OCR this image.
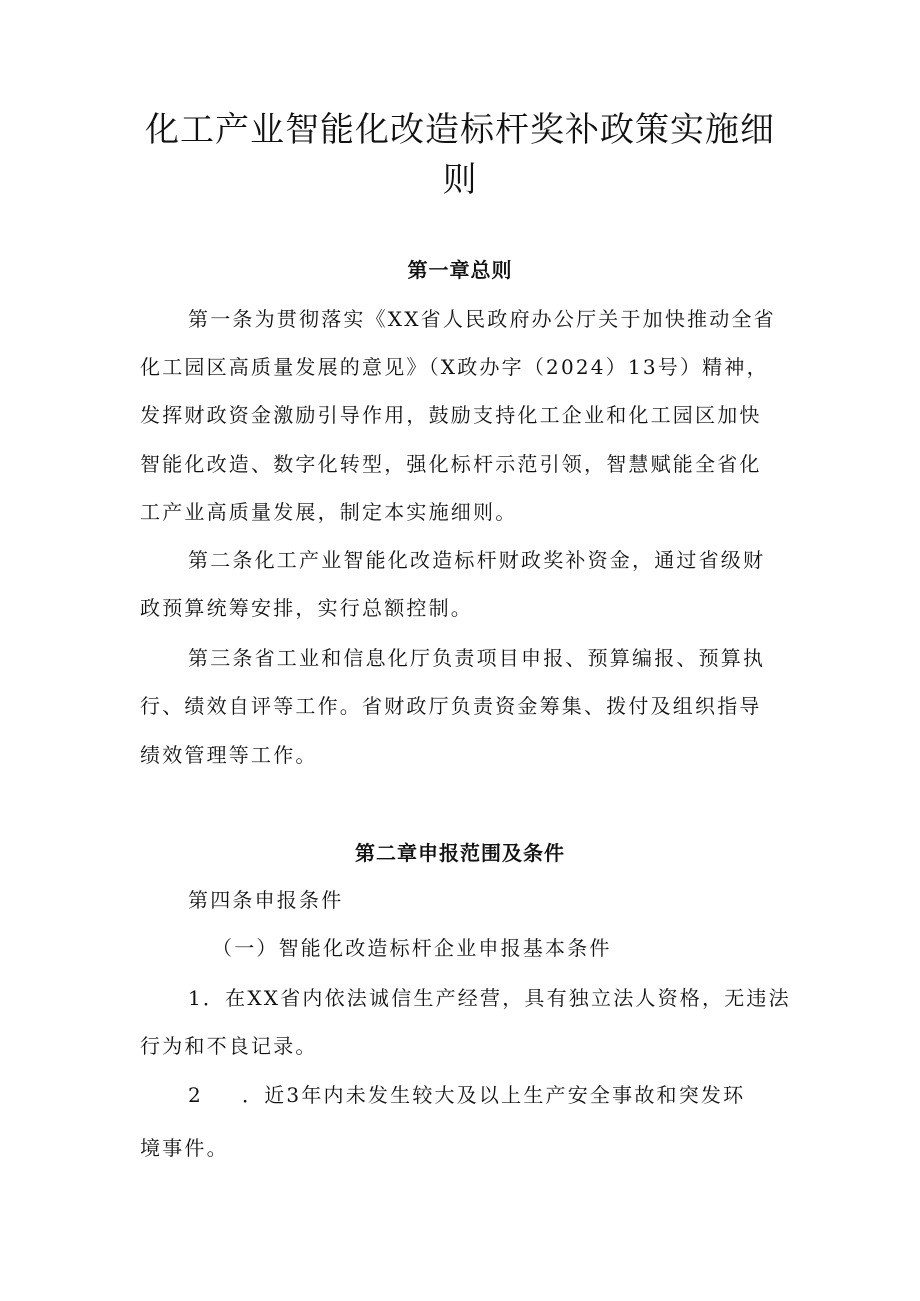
化工产业智能化改造标杆奖补政策实施细
则
第一章总则
第一条为贯彻落实《XX省人民政府办公厅关于加快推动全省
化工园区高质量发展的意见》（X政办字（2024）13号）精神，
发挥财政资金激励引导作用，鼓励支持化工企业和化工园区加快
智能化改造、数字化转型，强化标杆示范引领，智慧赋能全省化
工产业高质量发展，制定本实施细则。
第二条化工产业智能化改造标杆财政奖补资金，通过省级财
政预算统筹安排，实行总额控制。
第三条省工业和信息化厅负责项目申报、预算编报、预算执
行、绩效自评等工作。省财政厅负责资金筹集、拨付及组织指导
绩效管理等工作。
第二章申报范围及条件
第四条申报条件
（一）智能化改造标杆企业申报基本条件
1．在XX省内依法诚信生产经营，具有独立法人资格，无违法
行为和不良记录。
2 ．近3年内未发生较大及以上生产安全事故和突发环
境事件。
